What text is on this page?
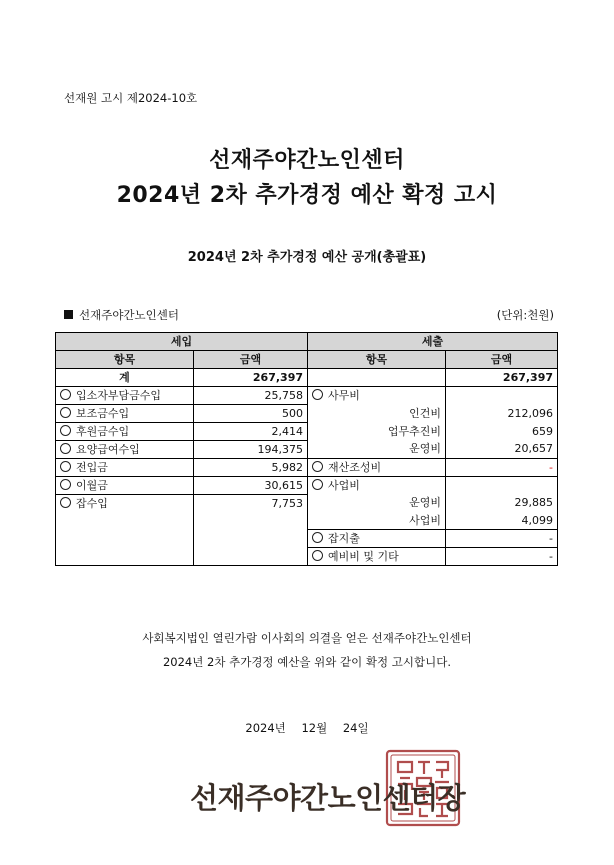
선재원 고시 제2024-10호
선재주야간노인센터
2024년 2차 추가경정 예산 확정 고시
2024년 2차 추가경정 예산 공개(총괄표)
선재주야간노인센터	(단위:천원)
세입		세출	
항목	금액	항목	금액
계	267,397		267,397
입소자부담금수입	25,758	사무비	
보조금수입	500	인건비	212,096
후원금수입	2,414	업무추진비	659
요양급여수입	194,375	운영비	20,657
전입금	5,982	재산조성비	-
이월금	30,615	사업비	
잡수입	7,753	운영비	29,885
		사업비	4,099
		잡지출	-
		예비비 및 기타	-
사회복지법인 열린가람 이사회의 의결을 얻은 선재주야간노인센터
2024년 2차 추가경정 예산을 위와 같이 확정 고시합니다.
2024년 12월 24일
선재주야간노인센터장
